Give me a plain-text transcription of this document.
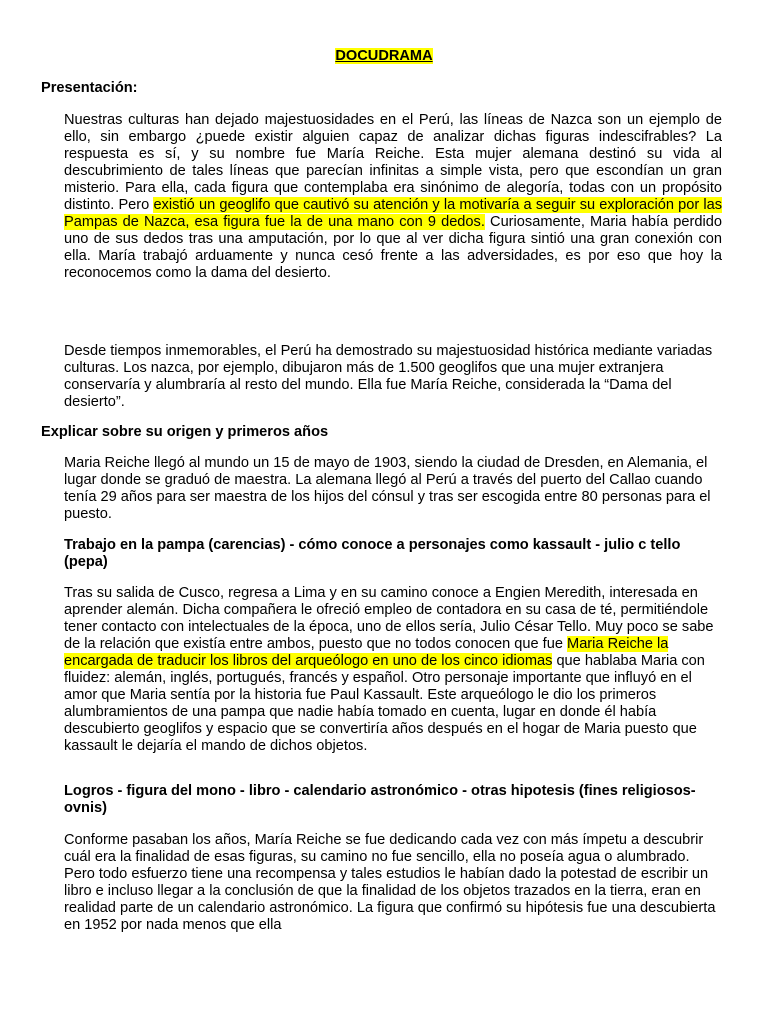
DOCUDRAMA
Presentación:
Nuestras culturas han dejado majestuosidades en el Perú, las líneas de Nazca son un ejemplo de ello, sin embargo ¿puede existir alguien capaz de analizar dichas figuras indescifrables? La respuesta es sí, y su nombre fue María Reiche. Esta mujer alemana destinó su vida al descubrimiento de tales líneas que parecían infinitas a simple vista, pero que escondían un gran misterio. Para ella, cada figura que contemplaba era sinónimo de alegoría, todas con un propósito distinto. Pero existió un geoglifo que cautivó su atención y la motivaría a seguir su exploración por las Pampas de Nazca, esa figura fue la de una mano con 9 dedos. Curiosamente, Maria había perdido uno de sus dedos tras una amputación, por lo que al ver dicha figura sintió una gran conexión con ella. María trabajó arduamente y nunca cesó frente a las adversidades, es por eso que hoy la reconocemos como la dama del desierto.
Desde tiempos inmemorables, el Perú ha demostrado su majestuosidad histórica mediante variadas culturas. Los nazca, por ejemplo, dibujaron más de 1.500 geoglifos que una mujer extranjera conservaría y alumbraría al resto del mundo. Ella fue María Reiche, considerada la “Dama del desierto”.
Explicar sobre su origen y primeros años
Maria Reiche llegó al mundo un 15 de mayo de 1903, siendo la ciudad de Dresden, en Alemania, el lugar donde se graduó de maestra. La alemana llegó al Perú a través del puerto del Callao cuando tenía 29 años para ser maestra de los hijos del cónsul y tras ser escogida entre 80 personas para el puesto.
Trabajo en la pampa (carencias) - cómo conoce a personajes como kassault - julio c tello (pepa)
Tras su salida de Cusco, regresa a Lima y en su camino conoce a Engien Meredith, interesada en aprender alemán. Dicha compañera le ofreció empleo de contadora en su casa de té, permitiéndole tener contacto con intelectuales de la época, uno de ellos sería, Julio César Tello. Muy poco se sabe de la relación que existía entre ambos, puesto que no todos conocen que fue Maria Reiche la encargada de traducir los libros del arqueólogo en uno de los cinco idiomas que hablaba Maria con fluidez: alemán, inglés, portugués, francés y español. Otro personaje importante que influyó en el amor que Maria sentía por la historia fue Paul Kassault. Este arqueólogo le dio los primeros alumbramientos de una pampa que nadie había tomado en cuenta, lugar en donde él había descubierto geoglifos y espacio que se convertiría años después en el hogar de Maria puesto que kassault le dejaría el mando de dichos objetos.
Logros - figura del mono - libro - calendario astronómico - otras hipotesis (fines religiosos- ovnis)
Conforme pasaban los años, María Reiche se fue dedicando cada vez con más ímpetu a descubrir cuál era la finalidad de esas figuras, su camino no fue sencillo, ella no poseía agua o alumbrado. Pero todo esfuerzo tiene una recompensa y tales estudios le habían dado la potestad de escribir un libro e incluso llegar a la conclusión de que la finalidad de los objetos trazados en la tierra, eran en realidad parte de un calendario astronómico. La figura que confirmó su hipótesis fue una descubierta en 1952 por nada menos que ella
